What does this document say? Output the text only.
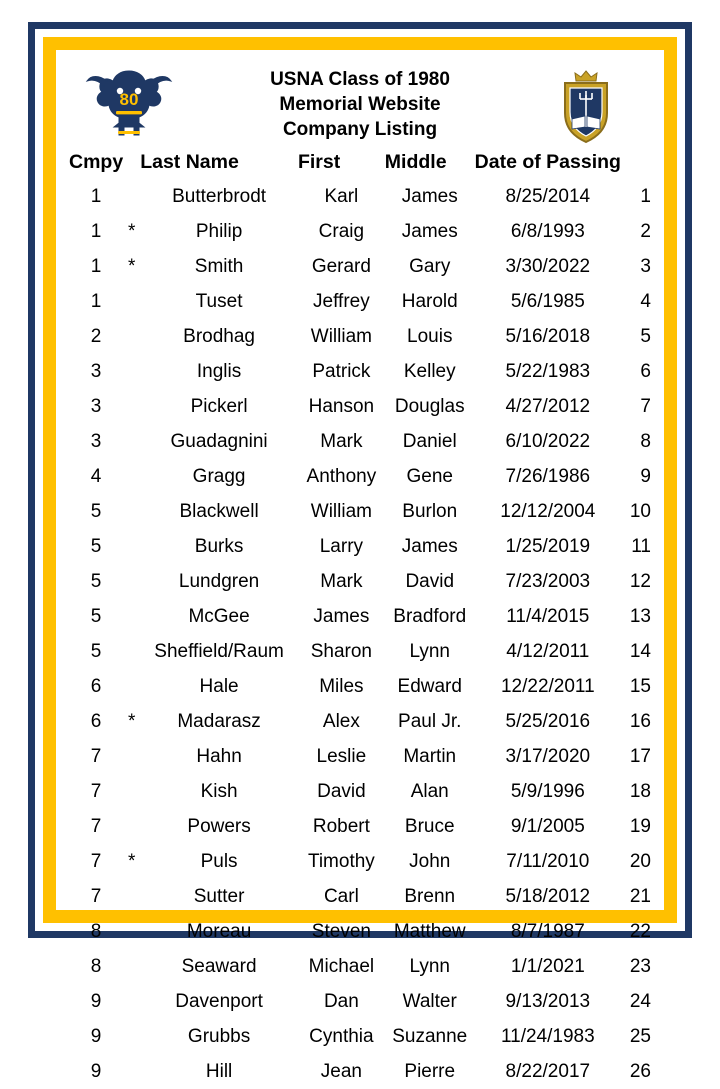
80
USNA Class of 1980
Memorial Website
Company Listing
Cmpy		Last Name	First	Middle	Date of Passing	
1		Butterbrodt	Karl	James	8/25/2014	1
1	*	Philip	Craig	James	6/8/1993	2
1	*	Smith	Gerard	Gary	3/30/2022	3
1		Tuset	Jeffrey	Harold	5/6/1985	4
2		Brodhag	William	Louis	5/16/2018	5
3		Inglis	Patrick	Kelley	5/22/1983	6
3		Pickerl	Hanson	Douglas	4/27/2012	7
3		Guadagnini	Mark	Daniel	6/10/2022	8
4		Gragg	Anthony	Gene	7/26/1986	9
5		Blackwell	William	Burlon	12/12/2004	10
5		Burks	Larry	James	1/25/2019	11
5		Lundgren	Mark	David	7/23/2003	12
5		McGee	James	Bradford	11/4/2015	13
5		Sheffield/Raum	Sharon	Lynn	4/12/2011	14
6		Hale	Miles	Edward	12/22/2011	15
6	*	Madarasz	Alex	Paul Jr.	5/25/2016	16
7		Hahn	Leslie	Martin	3/17/2020	17
7		Kish	David	Alan	5/9/1996	18
7		Powers	Robert	Bruce	9/1/2005	19
7	*	Puls	Timothy	John	7/11/2010	20
7		Sutter	Carl	Brenn	5/18/2012	21
8		Moreau	Steven	Matthew	8/7/1987	22
8		Seaward	Michael	Lynn	1/1/2021	23
9		Davenport	Dan	Walter	9/13/2013	24
9		Grubbs	Cynthia	Suzanne	11/24/1983	25
9		Hill	Jean	Pierre	8/22/2017	26
